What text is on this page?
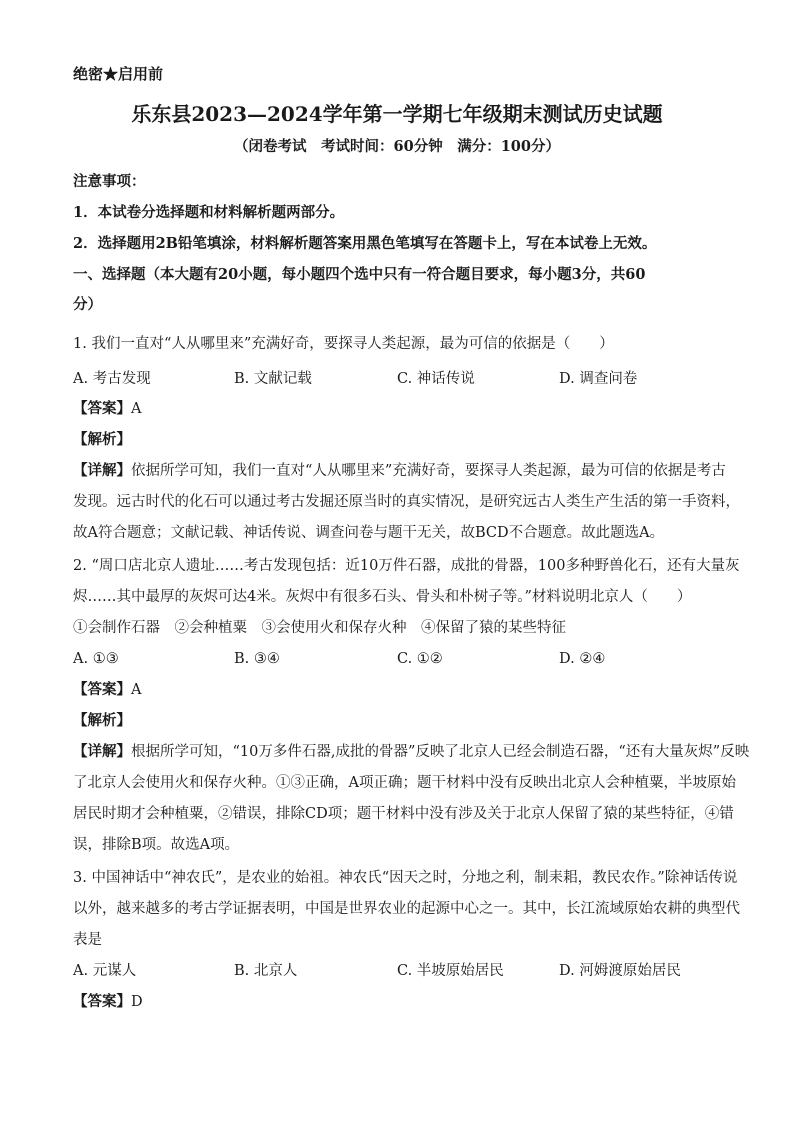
绝密★启用前
乐东县2023—2024学年第一学期七年级期末测试历史试题
（闭卷考试　考试时间：60分钟　满分：100分）
注意事项：
1．本试卷分选择题和材料解析题两部分。
2．选择题用2B铅笔填涂，材料解析题答案用黑色笔填写在答题卡上，写在本试卷上无效。
一、选择题（本大题有20小题，每小题四个选中只有一符合题目要求，每小题3分，共60
分）
1. 我们一直对“人从哪里来”充满好奇，要探寻人类起源，最为可信的依据是（　　）
A. 考古发现	B. 文献记载	C. 神话传说	D. 调查问卷
【答案】A
【解析】
【详解】依据所学可知，我们一直对“人从哪里来”充满好奇，要探寻人类起源，最为可信的依据是考古
发现。远古时代的化石可以通过考古发掘还原当时的真实情况，是研究远古人类生产生活的第一手资料，
故A符合题意；文献记载、神话传说、调查问卷与题干无关，故BCD不合题意。故此题选A。
2. “周口店北京人遗址……考古发现包括：近10万件石器，成批的骨器，100多种野兽化石，还有大量灰
烬……其中最厚的灰烬可达4米。灰烬中有很多石头、骨头和朴树子等。”材料说明北京人（　　）
①会制作石器　②会种植粟　③会使用火和保存火种　④保留了猿的某些特征
A. ①③	B. ③④	C. ①②	D. ②④
【答案】A
【解析】
【详解】根据所学可知，“10万多件石器,成批的骨器”反映了北京人已经会制造石器，“还有大量灰烬”反映
了北京人会使用火和保存火种。①③正确，A项正确；题干材料中没有反映出北京人会种植粟，半坡原始
居民时期才会种植粟，②错误，排除CD项；题干材料中没有涉及关于北京人保留了猿的某些特征，④错
误，排除B项。故选A项。
3. 中国神话中“神农氏”，是农业的始祖。神农氏“因天之时，分地之利，制耒耜，教民农作。”除神话传说
以外，越来越多的考古学证据表明，中国是世界农业的起源中心之一。其中，长江流域原始农耕的典型代
表是
A. 元谋人	B. 北京人	C. 半坡原始居民	D. 河姆渡原始居民
【答案】D
